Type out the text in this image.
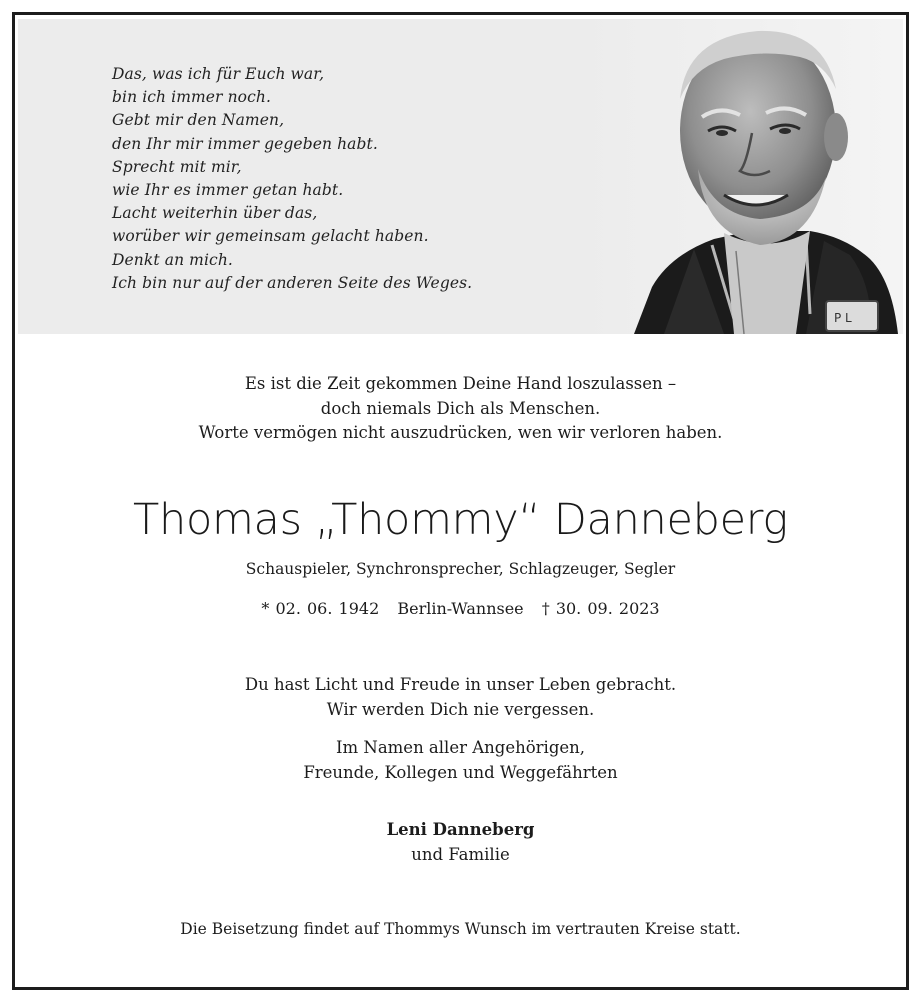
Das, was ich für Euch war,
bin ich immer noch.
Gebt mir den Namen,
den Ihr mir immer gegeben habt.
Sprecht mit mir,
wie Ihr es immer getan habt.
Lacht weiterhin über das,
worüber wir gemeinsam gelacht haben.
Denkt an mich.
Ich bin nur auf der anderen Seite des Weges.
P L
Es ist die Zeit gekommen Deine Hand loszulassen –
doch niemals Dich als Menschen.
Worte vermögen nicht auszudrücken, wen wir verloren haben.
Thomas „Thommy“ Danneberg
Schauspieler, Synchronsprecher, Schlagzeuger, Segler
* 02. 06. 1942 Berlin-Wannsee † 30. 09. 2023
Du hast Licht und Freude in unser Leben gebracht.
Wir werden Dich nie vergessen.
Im Namen aller Angehörigen,
Freunde, Kollegen und Weggefährten
Leni Danneberg
und Familie
Die Beisetzung findet auf Thommys Wunsch im vertrauten Kreise statt.
